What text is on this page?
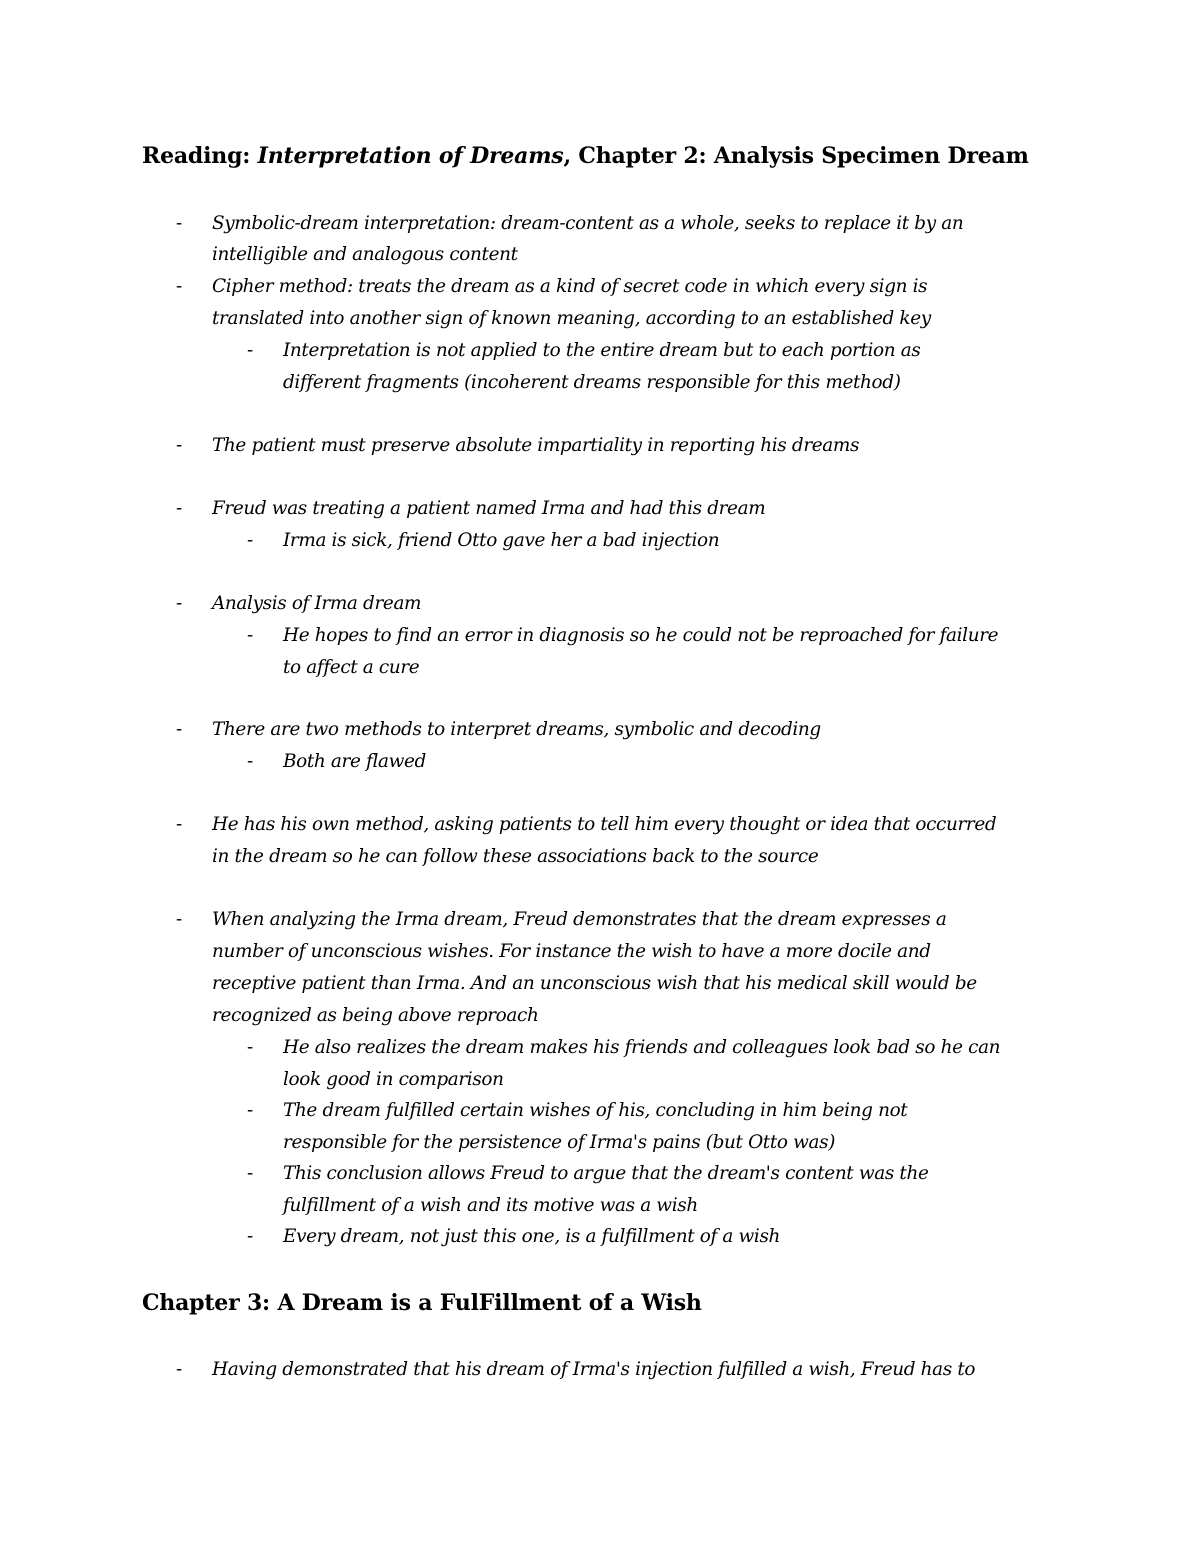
Reading: Interpretation of Dreams, Chapter 2: Analysis Specimen Dream
Chapter 3: A Dream is a FulFillment of a Wish
- Symbolic-dream interpretation: dream-content as a whole, seeks to replace it by an

intelligible and analogous content

- Cipher method: treats the dream as a kind of secret code in which every sign is

translated into another sign of known meaning, according to an established key

- Interpretation is not applied to the entire dream but to each portion as

different fragments (incoherent dreams responsible for this method)

- The patient must preserve absolute impartiality in reporting his dreams

- Freud was treating a patient named Irma and had this dream

- Irma is sick, friend Otto gave her a bad injection

- Analysis of Irma dream

- He hopes to find an error in diagnosis so he could not be reproached for failure

to affect a cure

- There are two methods to interpret dreams, symbolic and decoding

- Both are flawed

- He has his own method, asking patients to tell him every thought or idea that occurred

in the dream so he can follow these associations back to the source

- When analyzing the Irma dream, Freud demonstrates that the dream expresses a

number of unconscious wishes. For instance the wish to have a more docile and

receptive patient than Irma. And an unconscious wish that his medical skill would be

recognized as being above reproach

- He also realizes the dream makes his friends and colleagues look bad so he can

look good in comparison

- The dream fulfilled certain wishes of his, concluding in him being not

responsible for the persistence of Irma's pains (but Otto was)

- This conclusion allows Freud to argue that the dream's content was the

fulfillment of a wish and its motive was a wish

- Every dream, not just this one, is a fulfillment of a wish

- Having demonstrated that his dream of Irma's injection fulfilled a wish, Freud has to
